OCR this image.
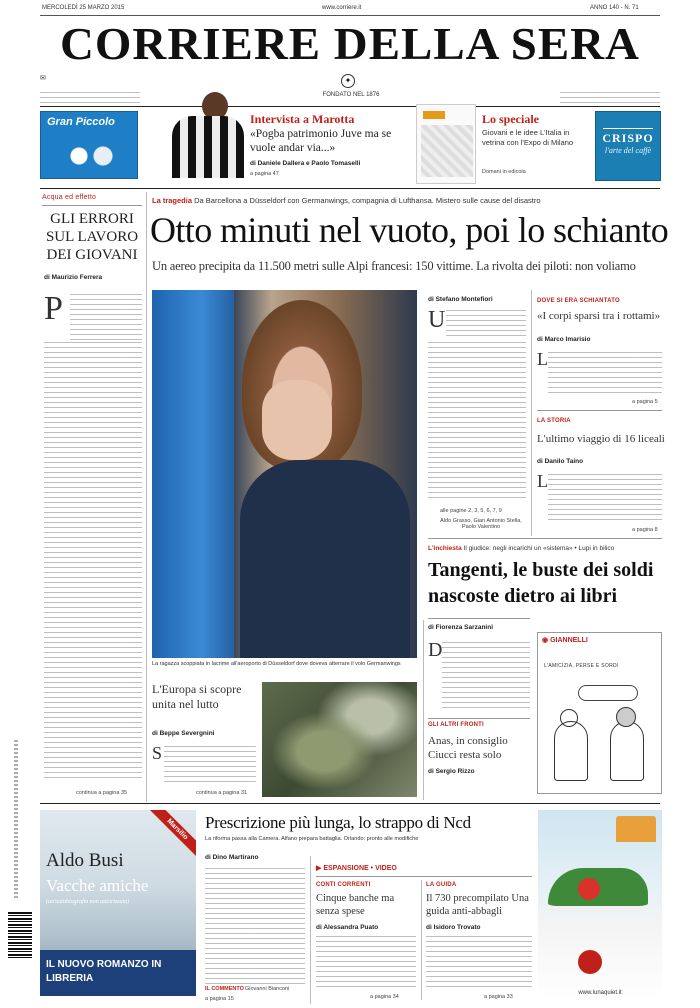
MERCOLEDÌ 25 MARZO 2015	www.corriere.it	ANNO 140 - N. 71
CORRIERE DELLA SERA
✦
FONDATO NEL 1876
✉
Gran Piccolo	Intervista a Marotta
«Pogba patrimonio Juve ma se vuole andar via...»
di Daniele Dallera e Paolo Tomaselli
a pagina 47
Lo speciale
Giovani e le idee L'Italia in vetrina con l'Expo di Milano
Domani in edicola
CRISPO
l'arte del caffè
Acqua ed effetto
GLI ERRORI SUL LAVORO DEI GIOVANI
di Maurizio Ferrera
P
continua a pagina 35
La tragedia Da Barcellona a Düsseldorf con Germanwings, compagnia di Lufthansa. Mistero sulle cause del disastro
Otto minuti nel vuoto, poi lo schianto
Un aereo precipita da 11.500 metri sulle Alpi francesi: 150 vittime. La rivolta dei piloti: non voliamo
La ragazza scoppiata in lacrime all'aeroporto di Düsseldorf dove doveva atterrare il volo Germanwings
di Stefano Montefiori
U
alle pagine 2, 3, 5, 6, 7, 9
Aldo Grasso, Gian Antonio Stella, Paolo Valentino
DOVE SI ERA SCHIANTATO
«I corpi sparsi tra i rottami»
di Marco Imarisio
L
a pagina 5
LA STORIA
L'ultimo viaggio di 16 liceali
di Danilo Taino
L
a pagina 8
L'inchiesta Il giudice: negli incarichi un «sistema» • Lupi in bilico
Tangenti, le buste dei soldi nascoste dietro ai libri
di Fiorenza Sarzanini
D
GLI ALTRI FRONTI
Anas, in consiglio Ciucci resta solo
di Sergio Rizzo
◉ GIANNELLI
L'AMICIZIA, PERSE E SORDI
L'Europa si scopre unita nel lutto
di Beppe Severgnini
S
continua a pagina 31
Marsilio
Aldo Busi
Vacche amiche
(un'autobiografia non autorizzata)
IL NUOVO ROMANZO IN LIBRERIA
Prescrizione più lunga, lo strappo di Ncd
La riforma passa alla Camera. Alfano prepara battaglia. Orlando: pronto alle modifiche
di Dino Martirano
IL COMMENTO Giovanni Bianconi
a pagina 15
▶ ESPANSIONE • VIDEO
CONTI CORRENTI
Cinque banche ma senza spese
di Alessandra Puato
a pagina 34
LA GUIDA
Il 730 precompilato Una guida anti-abbagli
di Isidoro Trovato
a pagina 33
www.lunaquiet.it
